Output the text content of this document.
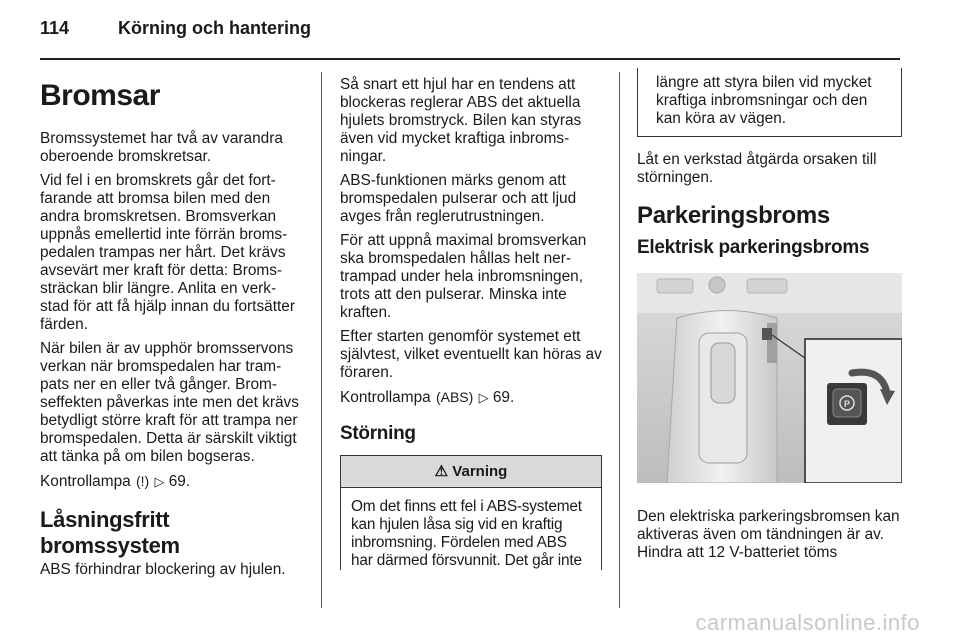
114	Körning och hantering
Bromsar

Bromssystemet har två av varandra oberoende bromskretsar.

Vid fel i en bromskrets går det fort-farande att bromsa bilen med den andra bromskretsen. Bromsverkan uppnås emellertid inte förrän broms-pedalen trampas ner hårt. Det krävs avsevärt mer kraft för detta: Broms-sträckan blir längre. Anlita en verk-stad för att få hjälp innan du fortsätter färden.

När bilen är av upphör bromsservons verkan när bromspedalen har tram-pats ner en eller två gånger. Brom-seffekten påverkas inte men det krävs betydligt större kraft för att trampa ner bromspedalen. Detta är särskilt viktigt att tänka på om bilen bogseras.

Kontrollampa (!) ▷ 69.

Låsningsfritt bromssystem

ABS förhindrar blockering av hjulen.

Så snart ett hjul har en tendens att blockeras reglerar ABS det aktuella hjulets bromstryck. Bilen kan styras även vid mycket kraftiga inbroms-ningar.

ABS-funktionen märks genom att bromspedalen pulserar och att ljud avges från reglerutrustningen.

För att uppnå maximal bromsverkan ska bromspedalen hållas helt ner-trampad under hela inbromsningen, trots att den pulserar. Minska inte kraften.

Efter starten genomför systemet ett självtest, vilket eventuellt kan höras av föraren.

Kontrollampa (ABS) ▷ 69.

Störning
⚠ Varning
Om det finns ett fel i ABS-systemet kan hjulen låsa sig vid en kraftig inbromsning. Fördelen med ABS har därmed försvunnit. Det går inte
längre att styra bilen vid mycket kraftiga inbromsningar och den kan köra av vägen.

Låt en verkstad åtgärda orsaken till störningen.

Parkeringsbroms
Elektrisk parkeringsbroms
P

Den elektriska parkeringsbromsen kan aktiveras även om tändningen är av. Hindra att 12 V-batteriet töms

carmanualsonline.info
